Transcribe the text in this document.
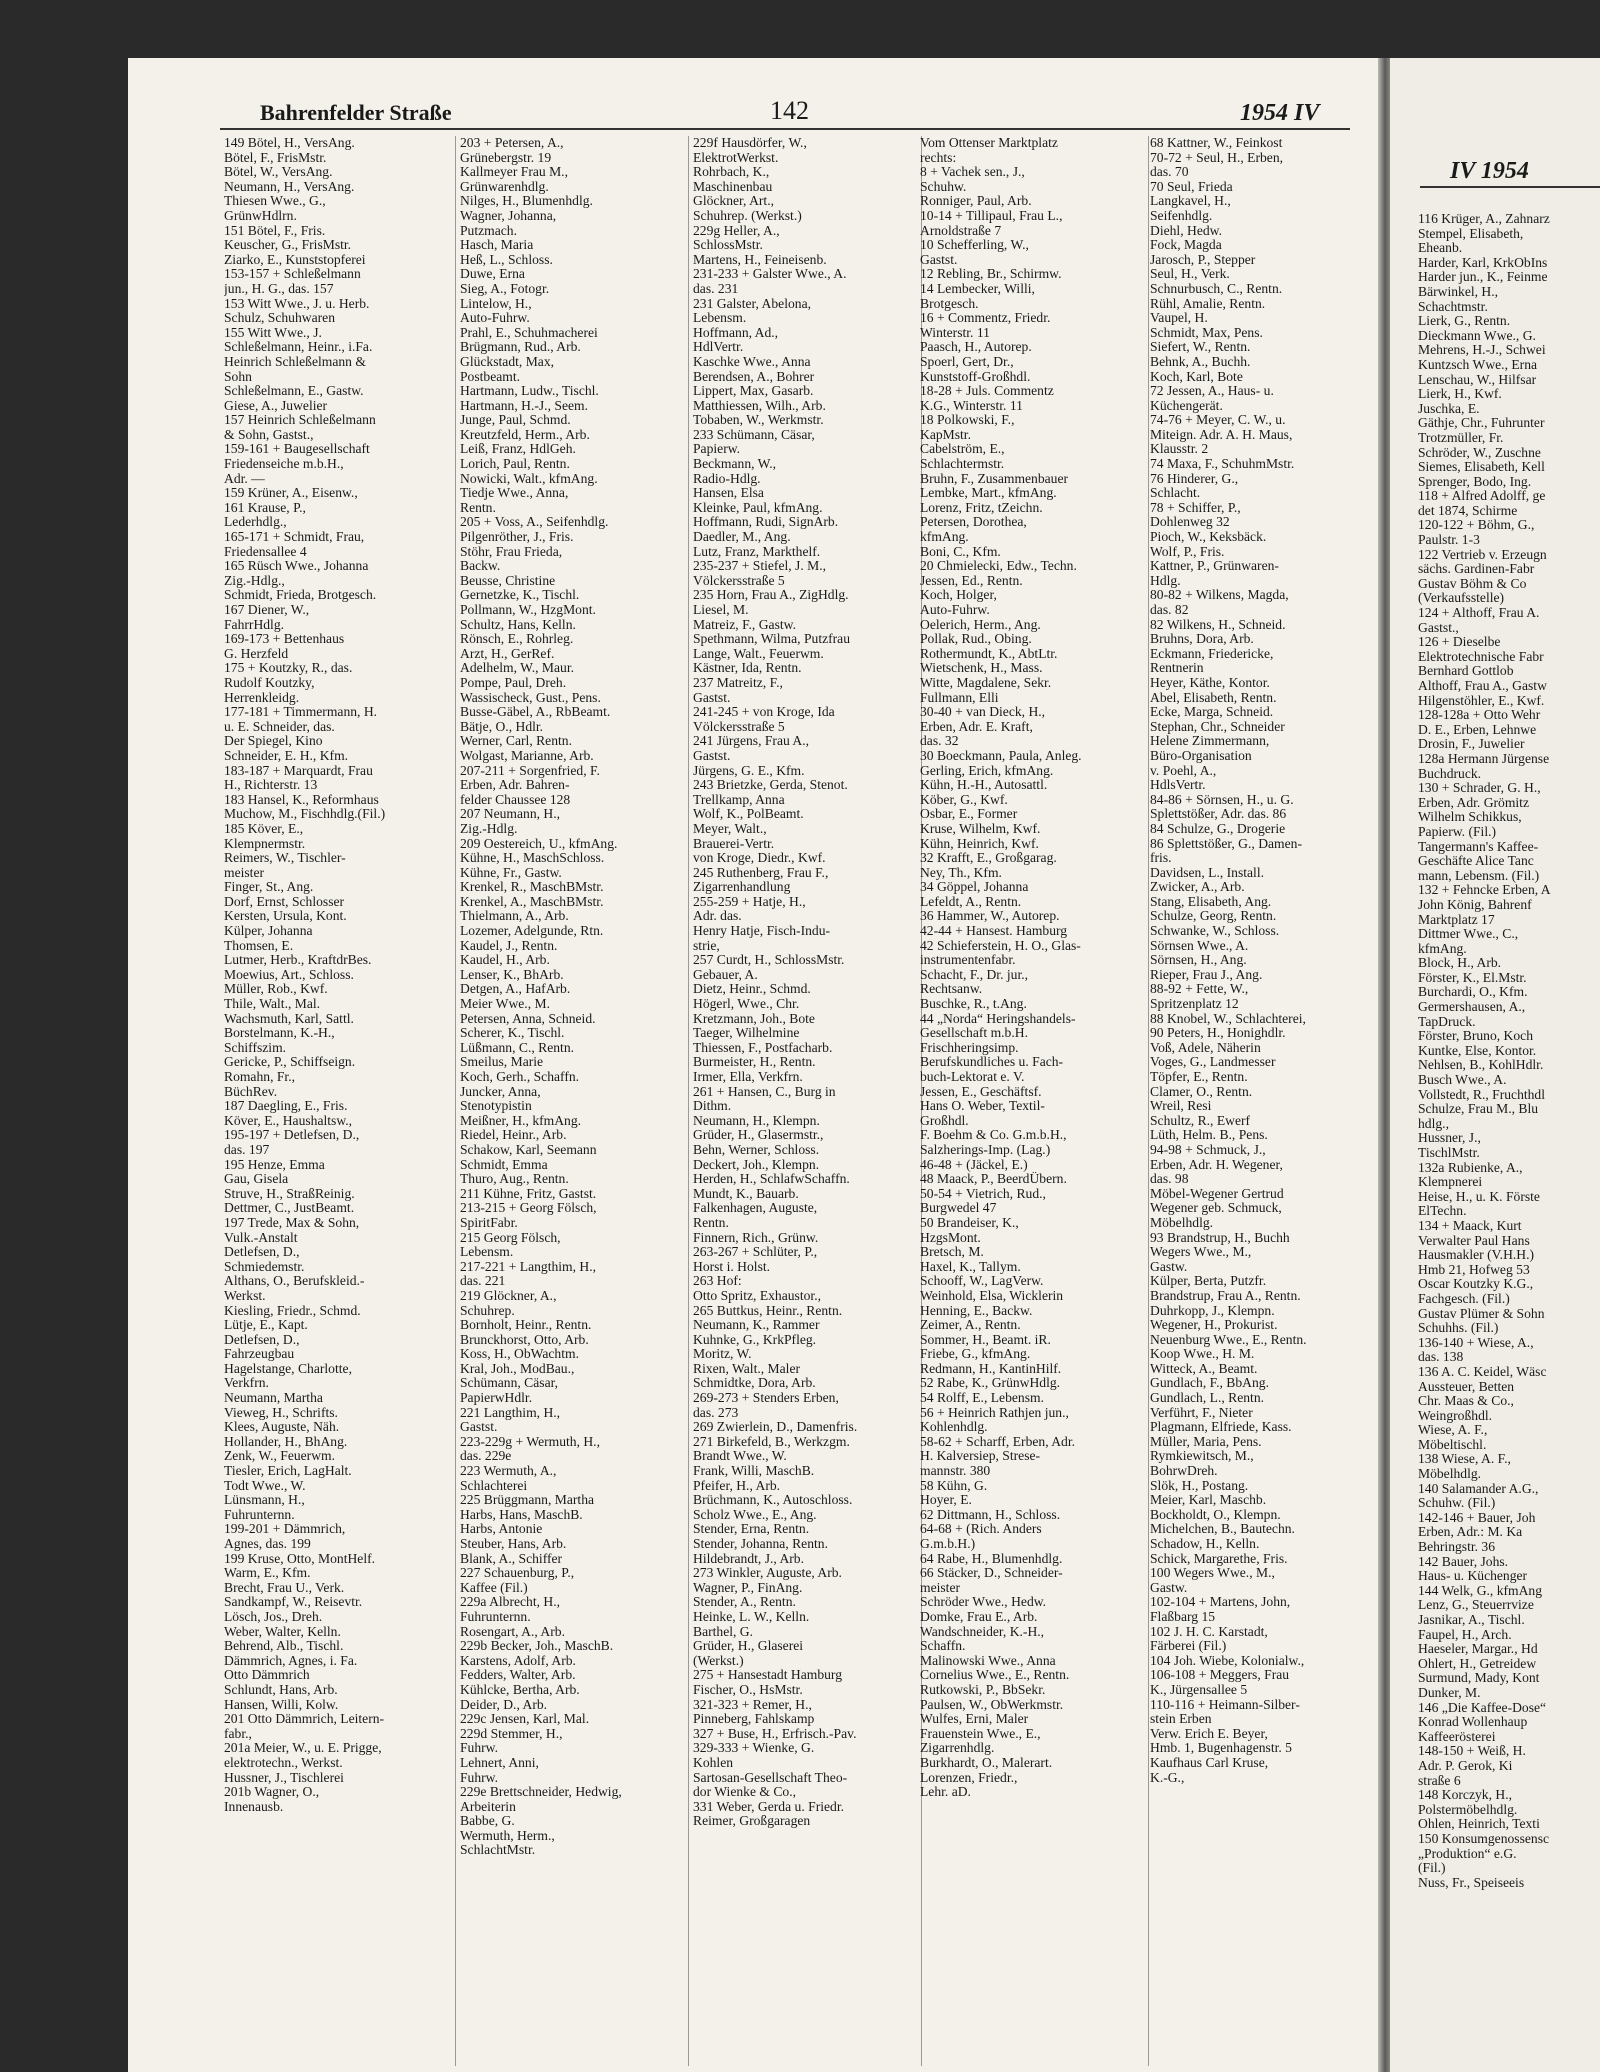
IV 1954
116 Krüger, A., Zahnarz
Stempel, Elisabeth,
Eheanb.
Harder, Karl, KrkObIns
Harder jun., K., Feinme
Bärwinkel, H.,
Schachtmstr.
Lierk, G., Rentn.
Dieckmann Wwe., G.
Mehrens, H.-J., Schwei
Kuntzsch Wwe., Erna
Lenschau, W., Hilfsar
Lierk, H., Kwf.
Juschka, E.
Gäthje, Chr., Fuhrunter
Trotzmüller, Fr.
Schröder, W., Zuschne
Siemes, Elisabeth, Kell
Sprenger, Bodo, Ing.
118 + Alfred Adolff, ge
det 1874, Schirme
120-122 + Böhm, G.,
Paulstr. 1-3
122 Vertrieb v. Erzeugn
sächs. Gardinen-Fabr
Gustav Böhm & Co
(Verkaufsstelle)
124 + Althoff, Frau A.
Gastst.,
126 + Dieselbe
Elektrotechnische Fabr
Bernhard Gottlob
Althoff, Frau A., Gastw
Hilgenstöhler, E., Kwf.
128-128a + Otto Wehr
D. E., Erben, Lehnwe
Drosin, F., Juwelier
128a Hermann Jürgense
Buchdruck.
130 + Schrader, G. H.,
Erben, Adr. Grömitz
Wilhelm Schikkus,
Papierw. (Fil.)
Tangermann's Kaffee-
Geschäfte Alice Tanc
mann, Lebensm. (Fil.)
132 + Fehncke Erben, A
John König, Bahrenf
Marktplatz 17
Dittmer Wwe., C.,
kfmAng.
Block, H., Arb.
Förster, K., El.Mstr.
Burchardi, O., Kfm.
Germershausen, A.,
TapDruck.
Förster, Bruno, Koch
Kuntke, Else, Kontor.
Nehlsen, B., KohlHdlr.
Busch Wwe., A.
Vollstedt, R., Fruchthdl
Schulze, Frau M., Blu
hdlg.,
Hussner, J.,
TischlMstr.
132a Rubienke, A.,
Klempnerei
Heise, H., u. K. Förste
ElTechn.
134 + Maack, Kurt
Verwalter Paul Hans
Hausmakler (V.H.H.)
Hmb 21, Hofweg 53
Oscar Koutzky K.G.,
Fachgesch. (Fil.)
Gustav Plümer & Sohn
Schuhhs. (Fil.)
136-140 + Wiese, A.,
das. 138
136 A. C. Keidel, Wäsc
Aussteuer, Betten
Chr. Maas & Co.,
Weingroßhdl.
Wiese, A. F.,
Möbeltischl.
138 Wiese, A. F.,
Möbelhdlg.
140 Salamander A.G.,
Schuhw. (Fil.)
142-146 + Bauer, Joh
Erben, Adr.: M. Ka
Behringstr. 36
142 Bauer, Johs.
Haus- u. Küchenger
144 Welk, G., kfmAng
Lenz, G., Steuerrvize
Jasnikar, A., Tischl.
Faupel, H., Arch.
Haeseler, Margar., Hd
Ohlert, H., Getreidew
Surmund, Mady, Kont
Dunker, M.
146 „Die Kaffee-Dose“
Konrad Wollenhaup
Kaffeerösterei
148-150 + Weiß, H.
Adr. P. Gerok, Ki
straße 6
148 Korczyk, H.,
Polstermöbelhdlg.
Ohlen, Heinrich, Texti
150 Konsumgenossensc
„Produktion“ e.G.
(Fil.)
Nuss, Fr., Speiseeis
Bahrenfelder Straße	142	1954 IV
149 Bötel, H., VersAng.
Bötel, F., FrisMstr.
Bötel, W., VersAng.
Neumann, H., VersAng.
Thiesen Wwe., G.,
GrünwHdlrn.
151 Bötel, F., Fris.
Keuscher, G., FrisMstr.
Ziarko, E., Kunststopferei
153-157 + Schleßelmann
jun., H. G., das. 157
153 Witt Wwe., J. u. Herb.
Schulz, Schuhwaren
155 Witt Wwe., J.
Schleßelmann, Heinr., i.Fa.
Heinrich Schleßelmann &
Sohn
Schleßelmann, E., Gastw.
Giese, A., Juwelier
157 Heinrich Schleßelmann
& Sohn, Gastst.,
159-161 + Baugesellschaft
Friedenseiche m.b.H.,
Adr. —
159 Krüner, A., Eisenw.,
161 Krause, P.,
Lederhdlg.,
165-171 + Schmidt, Frau,
Friedensallee 4
165 Rüsch Wwe., Johanna
Zig.-Hdlg.,
Schmidt, Frieda, Brotgesch.
167 Diener, W.,
FahrrHdlg.
169-173 + Bettenhaus
G. Herzfeld
175 + Koutzky, R., das.
Rudolf Koutzky,
Herrenkleidg.
177-181 + Timmermann, H.
u. E. Schneider, das.
Der Spiegel, Kino
Schneider, E. H., Kfm.
183-187 + Marquardt, Frau
H., Richterstr. 13
183 Hansel, K., Reformhaus
Muchow, M., Fischhdlg.(Fil.)
185 Köver, E.,
Klempnermstr.
Reimers, W., Tischler-
meister
Finger, St., Ang.
Dorf, Ernst, Schlosser
Kersten, Ursula, Kont.
Külper, Johanna
Thomsen, E.
Lutmer, Herb., KraftdrBes.
Moewius, Art., Schloss.
Müller, Rob., Kwf.
Thile, Walt., Mal.
Wachsmuth, Karl, Sattl.
Borstelmann, K.-H.,
Schiffszim.
Gericke, P., Schiffseign.
Romahn, Fr.,
BüchRev.
187 Daegling, E., Fris.
Köver, E., Haushaltsw.,
195-197 + Detlefsen, D.,
das. 197
195 Henze, Emma
Gau, Gisela
Struve, H., StraßReinig.
Dettmer, C., JustBeamt.
197 Trede, Max & Sohn,
Vulk.-Anstalt
Detlefsen, D.,
Schmiedemstr.
Althans, O., Berufskleid.-
Werkst.
Kiesling, Friedr., Schmd.
Lütje, E., Kapt.
Detlefsen, D.,
Fahrzeugbau
Hagelstange, Charlotte,
Verkfrn.
Neumann, Martha
Vieweg, H., Schrifts.
Klees, Auguste, Näh.
Hollander, H., BhAng.
Zenk, W., Feuerwm.
Tiesler, Erich, LagHalt.
Todt Wwe., W.
Lünsmann, H.,
Fuhrunternn.
199-201 + Dämmrich,
Agnes, das. 199
199 Kruse, Otto, MontHelf.
Warm, E., Kfm.
Brecht, Frau U., Verk.
Sandkampf, W., Reisevtr.
Lösch, Jos., Dreh.
Weber, Walter, Kelln.
Behrend, Alb., Tischl.
Dämmrich, Agnes, i. Fa.
Otto Dämmrich
Schlundt, Hans, Arb.
Hansen, Willi, Kolw.
201 Otto Dämmrich, Leitern-
fabr.,
201a Meier, W., u. E. Prigge,
elektrotechn., Werkst.
Hussner, J., Tischlerei
201b Wagner, O.,
Innenausb.
203 + Petersen, A.,
Grünebergstr. 19
Kallmeyer Frau M.,
Grünwarenhdlg.
Nilges, H., Blumenhdlg.
Wagner, Johanna,
Putzmach.
Hasch, Maria
Heß, L., Schloss.
Duwe, Erna
Sieg, A., Fotogr.
Lintelow, H.,
Auto-Fuhrw.
Prahl, E., Schuhmacherei
Brügmann, Rud., Arb.
Glückstadt, Max,
Postbeamt.
Hartmann, Ludw., Tischl.
Hartmann, H.-J., Seem.
Junge, Paul, Schmd.
Kreutzfeld, Herm., Arb.
Leiß, Franz, HdlGeh.
Lorich, Paul, Rentn.
Nowicki, Walt., kfmAng.
Tiedje Wwe., Anna,
Rentn.
205 + Voss, A., Seifenhdlg.
Pilgenröther, J., Fris.
Stöhr, Frau Frieda,
Backw.
Beusse, Christine
Gernetzke, K., Tischl.
Pollmann, W., HzgMont.
Schultz, Hans, Kelln.
Rönsch, E., Rohrleg.
Arzt, H., GerRef.
Adelhelm, W., Maur.
Pompe, Paul, Dreh.
Wassischeck, Gust., Pens.
Busse-Gäbel, A., RbBeamt.
Bätje, O., Hdlr.
Werner, Carl, Rentn.
Wolgast, Marianne, Arb.
207-211 + Sorgenfried, F.
Erben, Adr. Bahren-
felder Chaussee 128
207 Neumann, H.,
Zig.-Hdlg.
209 Oestereich, U., kfmAng.
Kühne, H., MaschSchloss.
Kühne, Fr., Gastw.
Krenkel, R., MaschBMstr.
Krenkel, A., MaschBMstr.
Thielmann, A., Arb.
Lozemer, Adelgunde, Rtn.
Kaudel, J., Rentn.
Kaudel, H., Arb.
Lenser, K., BhArb.
Detgen, A., HafArb.
Meier Wwe., M.
Petersen, Anna, Schneid.
Scherer, K., Tischl.
Lüßmann, C., Rentn.
Smeilus, Marie
Koch, Gerh., Schaffn.
Juncker, Anna,
Stenotypistin
Meißner, H., kfmAng.
Riedel, Heinr., Arb.
Schakow, Karl, Seemann
Schmidt, Emma
Thuro, Aug., Rentn.
211 Kühne, Fritz, Gastst.
213-215 + Georg Fölsch,
SpiritFabr.
215 Georg Fölsch,
Lebensm.
217-221 + Langthim, H.,
das. 221
219 Glöckner, A.,
Schuhrep.
Bornholt, Heinr., Rentn.
Brunckhorst, Otto, Arb.
Koss, H., ObWachtm.
Kral, Joh., ModBau.,
Schümann, Cäsar,
PapierwHdlr.
221 Langthim, H.,
Gastst.
223-229g + Wermuth, H.,
das. 229e
223 Wermuth, A.,
Schlachterei
225 Brüggmann, Martha
Harbs, Hans, MaschB.
Harbs, Antonie
Steuber, Hans, Arb.
Blank, A., Schiffer
227 Schauenburg, P.,
Kaffee (Fil.)
229a Albrecht, H.,
Fuhrunternn.
Rosengart, A., Arb.
229b Becker, Joh., MaschB.
Karstens, Adolf, Arb.
Fedders, Walter, Arb.
Kühlcke, Bertha, Arb.
Deider, D., Arb.
229c Jensen, Karl, Mal.
229d Stemmer, H.,
Fuhrw.
Lehnert, Anni,
Fuhrw.
229e Brettschneider, Hedwig,
Arbeiterin
Babbe, G.
Wermuth, Herm.,
SchlachtMstr.
229f Hausdörfer, W.,
ElektrotWerkst.
Rohrbach, K.,
Maschinenbau
Glöckner, Art.,
Schuhrep. (Werkst.)
229g Heller, A.,
SchlossMstr.
Martens, H., Feineisenb.
231-233 + Galster Wwe., A.
das. 231
231 Galster, Abelona,
Lebensm.
Hoffmann, Ad.,
HdlVertr.
Kaschke Wwe., Anna
Berendsen, A., Bohrer
Lippert, Max, Gasarb.
Matthiessen, Wilh., Arb.
Tobaben, W., Werkmstr.
233 Schümann, Cäsar,
Papierw.
Beckmann, W.,
Radio-Hdlg.
Hansen, Elsa
Kleinke, Paul, kfmAng.
Hoffmann, Rudi, SignArb.
Daedler, M., Ang.
Lutz, Franz, Markthelf.
235-237 + Stiefel, J. M.,
Völckersstraße 5
235 Horn, Frau A., ZigHdlg.
Liesel, M.
Matreiz, F., Gastw.
Spethmann, Wilma, Putzfrau
Lange, Walt., Feuerwm.
Kästner, Ida, Rentn.
237 Matreitz, F.,
Gastst.
241-245 + von Kroge, Ida
Völckersstraße 5
241 Jürgens, Frau A.,
Gastst.
Jürgens, G. E., Kfm.
243 Brietzke, Gerda, Stenot.
Trellkamp, Anna
Wolf, K., PolBeamt.
Meyer, Walt.,
Brauerei-Vertr.
von Kroge, Diedr., Kwf.
245 Ruthenberg, Frau F.,
Zigarrenhandlung
255-259 + Hatje, H.,
Adr. das.
Henry Hatje, Fisch-Indu-
strie,
257 Curdt, H., SchlossMstr.
Gebauer, A.
Dietz, Heinr., Schmd.
Högerl, Wwe., Chr.
Kretzmann, Joh., Bote
Taeger, Wilhelmine
Thiessen, F., Postfacharb.
Burmeister, H., Rentn.
Irmer, Ella, Verkfrn.
261 + Hansen, C., Burg in
Dithm.
Neumann, H., Klempn.
Grüder, H., Glasermstr.,
Behn, Werner, Schloss.
Deckert, Joh., Klempn.
Herden, H., SchlafwSchaffn.
Mundt, K., Bauarb.
Falkenhagen, Auguste,
Rentn.
Finnern, Rich., Grünw.
263-267 + Schlüter, P.,
Horst i. Holst.
263 Hof:
Otto Spritz, Exhaustor.,
265 Buttkus, Heinr., Rentn.
Neumann, K., Rammer
Kuhnke, G., KrkPfleg.
Moritz, W.
Rixen, Walt., Maler
Schmidtke, Dora, Arb.
269-273 + Stenders Erben,
das. 273
269 Zwierlein, D., Damenfris.
271 Birkefeld, B., Werkzgm.
Brandt Wwe., W.
Frank, Willi, MaschB.
Pfeifer, H., Arb.
Brüchmann, K., Autoschloss.
Scholz Wwe., E., Ang.
Stender, Erna, Rentn.
Stender, Johanna, Rentn.
Hildebrandt, J., Arb.
273 Winkler, Auguste, Arb.
Wagner, P., FinAng.
Stender, A., Rentn.
Heinke, L. W., Kelln.
Barthel, G.
Grüder, H., Glaserei
(Werkst.)
275 + Hansestadt Hamburg
Fischer, O., HsMstr.
321-323 + Remer, H.,
Pinneberg, Fahlskamp
327 + Buse, H., Erfrisch.-Pav.
329-333 + Wienke, G.
Kohlen
Sartosan-Gesellschaft Theo-
dor Wienke & Co.,
331 Weber, Gerda u. Friedr.
Reimer, Großgaragen
Vom Ottenser Marktplatz
rechts:
8 + Vachek sen., J.,
Schuhw.
Ronniger, Paul, Arb.
10-14 + Tillipaul, Frau L.,
Arnoldstraße 7
10 Schefferling, W.,
Gastst.
12 Rebling, Br., Schirmw.
14 Lembecker, Willi,
Brotgesch.
16 + Commentz, Friedr.
Winterstr. 11
Paasch, H., Autorep.
Spoerl, Gert, Dr.,
Kunststoff-Großhdl.
18-28 + Juls. Commentz
K.G., Winterstr. 11
18 Polkowski, F.,
KapMstr.
Cabelström, E.,
Schlachtermstr.
Bruhn, F., Zusammenbauer
Lembke, Mart., kfmAng.
Lorenz, Fritz, tZeichn.
Petersen, Dorothea,
kfmAng.
Boni, C., Kfm.
20 Chmielecki, Edw., Techn.
Jessen, Ed., Rentn.
Koch, Holger,
Auto-Fuhrw.
Oelerich, Herm., Ang.
Pollak, Rud., Obing.
Rothermundt, K., AbtLtr.
Wietschenk, H., Mass.
Witte, Magdalene, Sekr.
Fullmann, Elli
30-40 + van Dieck, H.,
Erben, Adr. E. Kraft,
das. 32
30 Boeckmann, Paula, Anleg.
Gerling, Erich, kfmAng.
Kühn, H.-H., Autosattl.
Köber, G., Kwf.
Osbar, E., Former
Kruse, Wilhelm, Kwf.
Kühn, Heinrich, Kwf.
32 Krafft, E., Großgarag.
Ney, Th., Kfm.
34 Göppel, Johanna
Lefeldt, A., Rentn.
36 Hammer, W., Autorep.
42-44 + Hansest. Hamburg
42 Schieferstein, H. O., Glas-
instrumentenfabr.
Schacht, F., Dr. jur.,
Rechtsanw.
Buschke, R., t.Ang.
44 „Norda“ Heringshandels-
Gesellschaft m.b.H.
Frischheringsimp.
Berufskundliches u. Fach-
buch-Lektorat e. V.
Jessen, E., Geschäftsf.
Hans O. Weber, Textil-
Großhdl.
F. Boehm & Co. G.m.b.H.,
Salzherings-Imp. (Lag.)
46-48 + (Jäckel, E.)
48 Maack, P., BeerdÜbern.
50-54 + Vietrich, Rud.,
Burgwedel 47
50 Brandeiser, K.,
HzgsMont.
Bretsch, M.
Haxel, K., Tallym.
Schooff, W., LagVerw.
Weinhold, Elsa, Wicklerin
Henning, E., Backw.
Zeimer, A., Rentn.
Sommer, H., Beamt. iR.
Friebe, G., kfmAng.
Redmann, H., KantinHilf.
52 Rabe, K., GrünwHdlg.
54 Rolff, E., Lebensm.
56 + Heinrich Rathjen jun.,
Kohlenhdlg.
58-62 + Scharff, Erben, Adr.
H. Kalversiep, Strese-
mannstr. 380
58 Kühn, G.
Hoyer, E.
62 Dittmann, H., Schloss.
64-68 + (Rich. Anders
G.m.b.H.)
64 Rabe, H., Blumenhdlg.
66 Stäcker, D., Schneider-
meister
Schröder Wwe., Hedw.
Domke, Frau E., Arb.
Wandschneider, K.-H.,
Schaffn.
Malinowski Wwe., Anna
Cornelius Wwe., E., Rentn.
Rutkowski, P., BbSekr.
Paulsen, W., ObWerkmstr.
Wulfes, Erni, Maler
Frauenstein Wwe., E.,
Zigarrenhdlg.
Burkhardt, O., Malerart.
Lorenzen, Friedr.,
Lehr. aD.
68 Kattner, W., Feinkost
70-72 + Seul, H., Erben,
das. 70
70 Seul, Frieda
Langkavel, H.,
Seifenhdlg.
Diehl, Hedw.
Fock, Magda
Jarosch, P., Stepper
Seul, H., Verk.
Schnurbusch, C., Rentn.
Rühl, Amalie, Rentn.
Vaupel, H.
Schmidt, Max, Pens.
Siefert, W., Rentn.
Behnk, A., Buchh.
Koch, Karl, Bote
72 Jessen, A., Haus- u.
Küchengerät.
74-76 + Meyer, C. W., u.
Miteign. Adr. A. H. Maus,
Klausstr. 2
74 Maxa, F., SchuhmMstr.
76 Hinderer, G.,
Schlacht.
78 + Schiffer, P.,
Dohlenweg 32
Pioch, W., Keksbäck.
Wolf, P., Fris.
Kattner, P., Grünwaren-
Hdlg.
80-82 + Wilkens, Magda,
das. 82
82 Wilkens, H., Schneid.
Bruhns, Dora, Arb.
Eckmann, Friedericke,
Rentnerin
Heyer, Käthe, Kontor.
Abel, Elisabeth, Rentn.
Ecke, Marga, Schneid.
Stephan, Chr., Schneider
Helene Zimmermann,
Büro-Organisation
v. Poehl, A.,
HdlsVertr.
84-86 + Sörnsen, H., u. G.
Splettstößer, Adr. das. 86
84 Schulze, G., Drogerie
86 Splettstößer, G., Damen-
fris.
Davidsen, L., Install.
Zwicker, A., Arb.
Stang, Elisabeth, Ang.
Schulze, Georg, Rentn.
Schwanke, W., Schloss.
Sörnsen Wwe., A.
Sörnsen, H., Ang.
Rieper, Frau J., Ang.
88-92 + Fette, W.,
Spritzenplatz 12
88 Knobel, W., Schlachterei,
90 Peters, H., Honighdlr.
Voß, Adele, Näherin
Voges, G., Landmesser
Töpfer, E., Rentn.
Clamer, O., Rentn.
Wreil, Resi
Schultz, R., Ewerf
Lüth, Helm. B., Pens.
94-98 + Schmuck, J.,
Erben, Adr. H. Wegener,
das. 98
Möbel-Wegener Gertrud
Wegener geb. Schmuck,
Möbelhdlg.
93 Brandstrup, H., Buchh
Wegers Wwe., M.,
Gastw.
Külper, Berta, Putzfr.
Brandstrup, Frau A., Rentn.
Duhrkopp, J., Klempn.
Wegener, H., Prokurist.
Neuenburg Wwe., E., Rentn.
Koop Wwe., H. M.
Witteck, A., Beamt.
Gundlach, F., BbAng.
Gundlach, L., Rentn.
Verführt, F., Nieter
Plagmann, Elfriede, Kass.
Müller, Maria, Pens.
Rymkiewitsch, M.,
BohrwDreh.
Slök, H., Postang.
Meier, Karl, Maschb.
Bockholdt, O., Klempn.
Michelchen, B., Bautechn.
Schadow, H., Kelln.
Schick, Margarethe, Fris.
100 Wegers Wwe., M.,
Gastw.
102-104 + Martens, John,
Flaßbarg 15
102 J. H. C. Karstadt,
Färberei (Fil.)
104 Joh. Wiebe, Kolonialw.,
106-108 + Meggers, Frau
K., Jürgensallee 5
110-116 + Heimann-Silber-
stein Erben
Verw. Erich E. Beyer,
Hmb. 1, Bugenhagenstr. 5
Kaufhaus Carl Kruse,
K.-G.,
